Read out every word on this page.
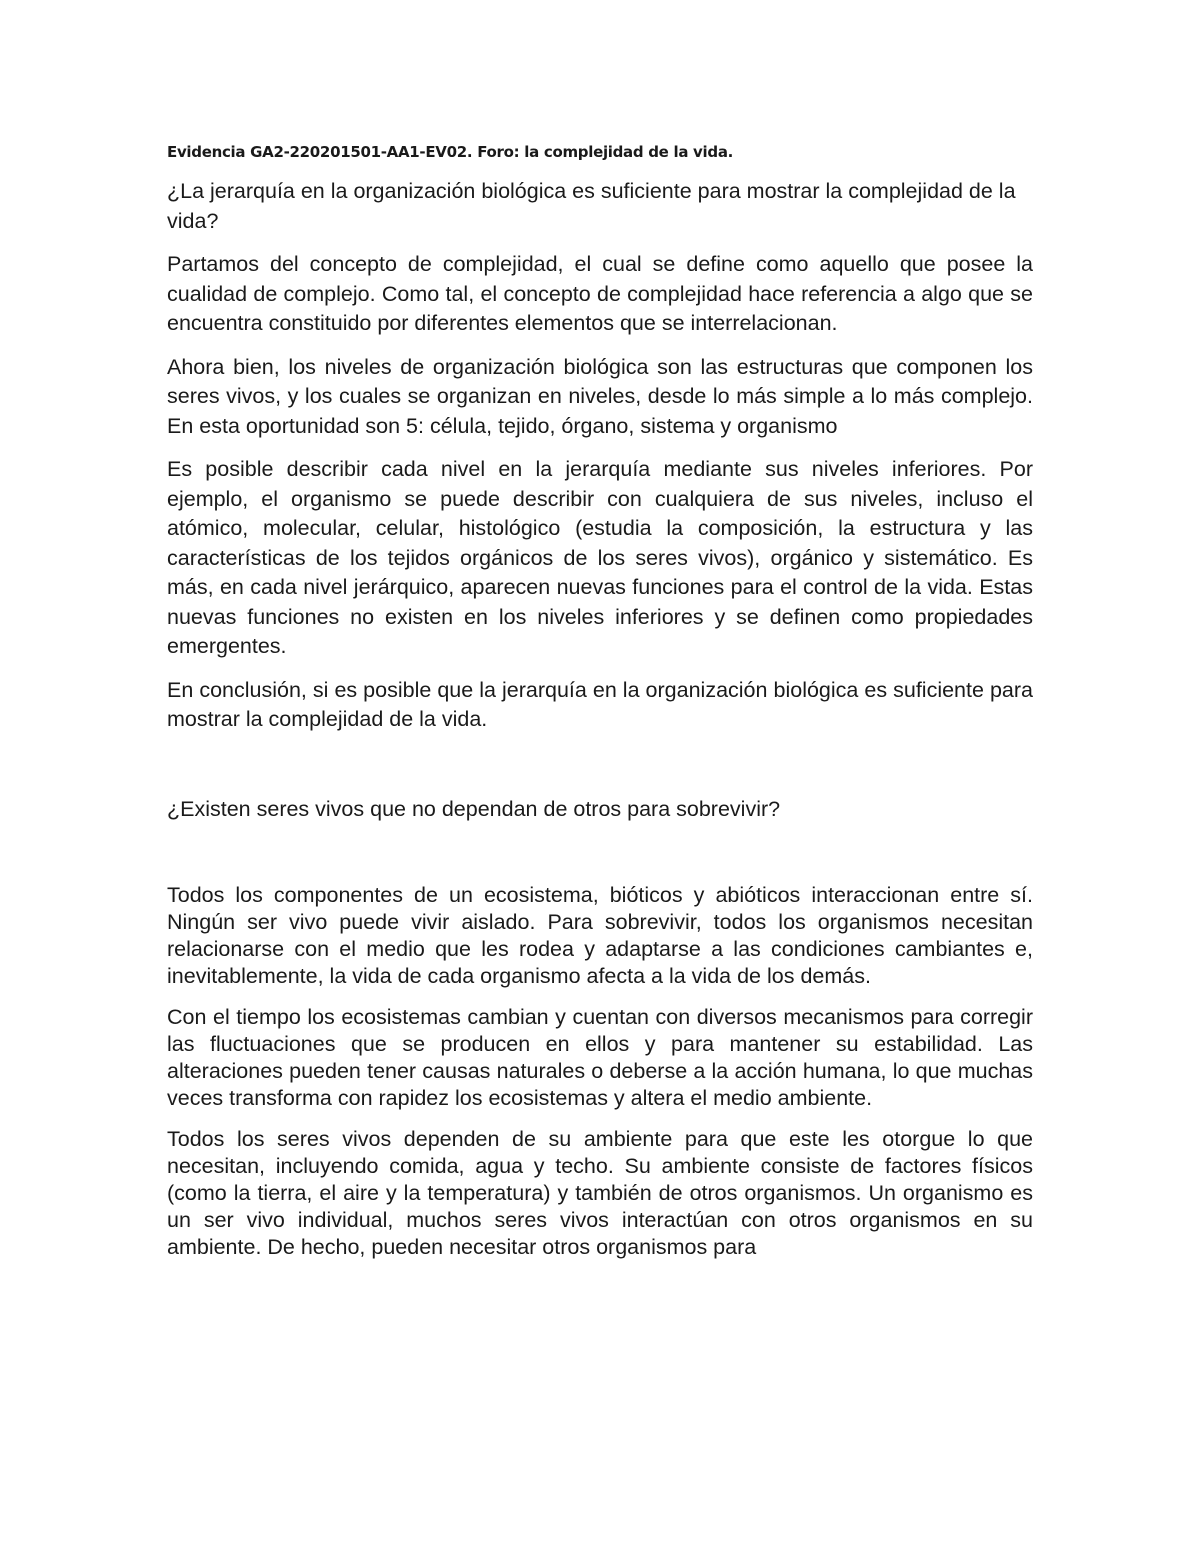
Evidencia GA2-220201501-AA1-EV02. Foro: la complejidad de la vida.
¿La jerarquía en la organización biológica es suficiente para mostrar la complejidad de la vida?
Partamos del concepto de complejidad, el cual se define como aquello que posee la cualidad de complejo. Como tal, el concepto de complejidad hace referencia a algo que se encuentra constituido por diferentes elementos que se interrelacionan.
Ahora bien, los niveles de organización biológica son las estructuras que componen los seres vivos, y los cuales se organizan en niveles, desde lo más simple a lo más complejo. En esta oportunidad son 5: célula, tejido, órgano, sistema y organismo
Es posible describir cada nivel en la jerarquía mediante sus niveles inferiores. Por ejemplo, el organismo se puede describir con cualquiera de sus niveles, incluso el atómico, molecular, celular, histológico (estudia la composición, la estructura y las características de los tejidos orgánicos de los seres vivos), orgánico y sistemático. Es más, en cada nivel jerárquico, aparecen nuevas funciones para el control de la vida. Estas nuevas funciones no existen en los niveles inferiores y se definen como propiedades emergentes.
En conclusión, si es posible que la jerarquía en la organización biológica es suficiente para mostrar la complejidad de la vida.
¿Existen seres vivos que no dependan de otros para sobrevivir?
Todos los componentes de un ecosistema, bióticos y abióticos interaccionan entre sí. Ningún ser vivo puede vivir aislado. Para sobrevivir, todos los organismos necesitan relacionarse con el medio que les rodea y adaptarse a las condiciones cambiantes e, inevitablemente, la vida de cada organismo afecta a la vida de los demás.
Con el tiempo los ecosistemas cambian y cuentan con diversos mecanismos para corregir las fluctuaciones que se producen en ellos y para mantener su estabilidad. Las alteraciones pueden tener causas naturales o deberse a la acción humana, lo que muchas veces transforma con rapidez los ecosistemas y altera el medio ambiente.
Todos los seres vivos dependen de su ambiente para que este les otorgue lo que necesitan, incluyendo comida, agua y techo. Su ambiente consiste de factores físicos (como la tierra, el aire y la temperatura) y también de otros organismos. Un organismo es un ser vivo individual, muchos seres vivos interactúan con otros organismos en su ambiente. De hecho, pueden necesitar otros organismos para
